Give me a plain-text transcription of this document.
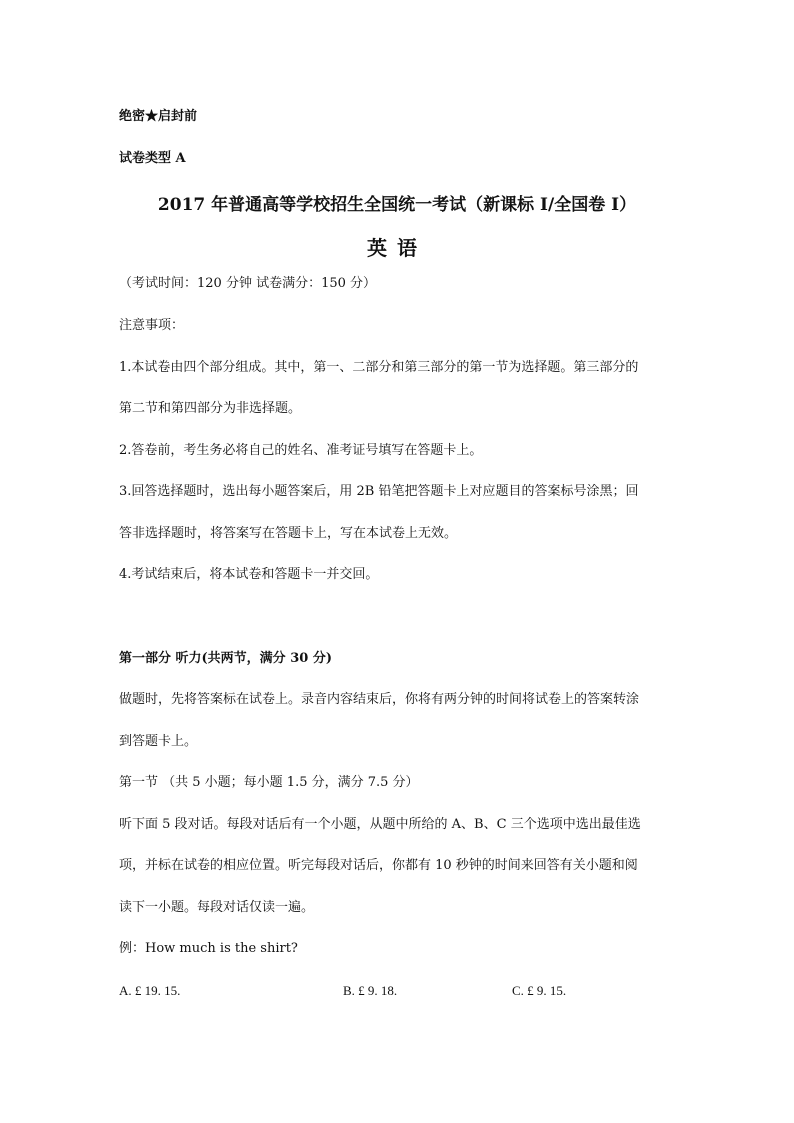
绝密★启封前
试卷类型 A
2017 年普通高等学校招生全国统一考试（新课标 I/全国卷 I）
英语
（考试时间：120 分钟 试卷满分：150 分）
注意事项：
1.本试卷由四个部分组成。其中，第一、二部分和第三部分的第一节为选择题。第三部分的
第二节和第四部分为非选择题。
2.答卷前，考生务必将自己的姓名、准考证号填写在答题卡上。
3.回答选择题时，选出每小题答案后，用 2B 铅笔把答题卡上对应题目的答案标号涂黑；回
答非选择题时，将答案写在答题卡上，写在本试卷上无效。
4.考试结束后，将本试卷和答题卡一并交回。
第一部分 听力(共两节，满分 30 分)
做题时，先将答案标在试卷上。录音内容结束后，你将有两分钟的时间将试卷上的答案转涂
到答题卡上。
第一节 （共 5 小题；每小题 1.5 分，满分 7.5 分）
听下面 5 段对话。每段对话后有一个小题，从题中所给的 A、B、C 三个选项中选出最佳选
项，并标在试卷的相应位置。听完每段对话后，你都有 10 秒钟的时间来回答有关小题和阅
读下一小题。每段对话仅读一遍。
例：How much is the shirt?
A. £ 19. 15.	B. £ 9. 18.	C. £ 9. 15.
